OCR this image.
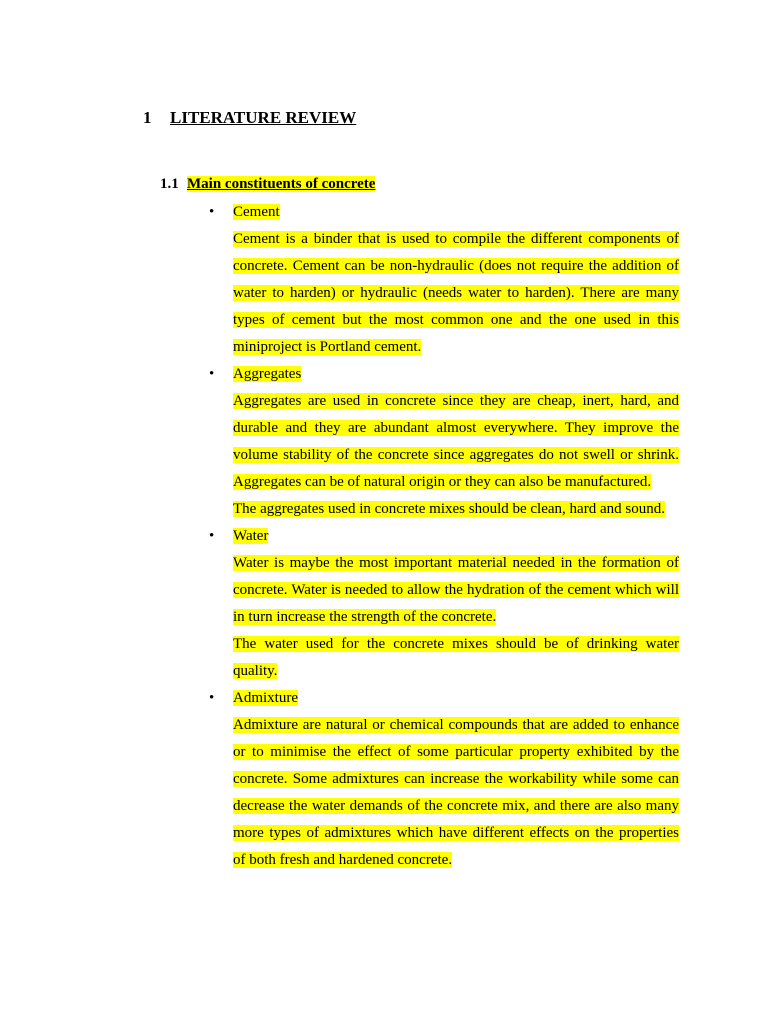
1 LITERATURE REVIEW
1.1 Main constituents of concrete
• Cement
Cement is a binder that is used to compile the different components of
concrete. Cement can be non-hydraulic (does not require the addition of
water to harden) or hydraulic (needs water to harden). There are many
types of cement but the most common one and the one used in this
miniproject is Portland cement.
• Aggregates
Aggregates are used in concrete since they are cheap, inert, hard, and
durable and they are abundant almost everywhere. They improve the
volume stability of the concrete since aggregates do not swell or shrink.
Aggregates can be of natural origin or they can also be manufactured.
The aggregates used in concrete mixes should be clean, hard and sound.
• Water
Water is maybe the most important material needed in the formation of
concrete. Water is needed to allow the hydration of the cement which will
in turn increase the strength of the concrete.
The water used for the concrete mixes should be of drinking water
quality.
• Admixture
Admixture are natural or chemical compounds that are added to enhance
or to minimise the effect of some particular property exhibited by the
concrete. Some admixtures can increase the workability while some can
decrease the water demands of the concrete mix, and there are also many
more types of admixtures which have different effects on the properties
of both fresh and hardened concrete.
